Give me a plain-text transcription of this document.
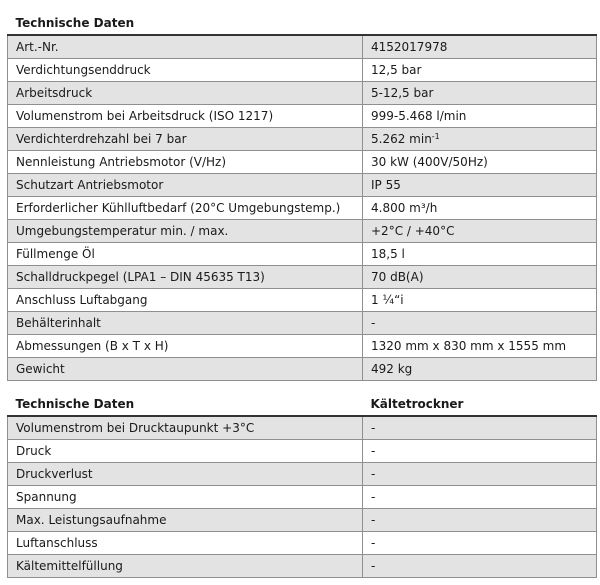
Technische Daten	
Art.-Nr.	4152017978
Verdichtungsenddruck	12,5 bar
Arbeitsdruck	5-12,5 bar
Volumenstrom bei Arbeitsdruck (ISO 1217)	999-5.468 l/min
Verdichterdrehzahl bei 7 bar	5.262 $\min^{-1}$
Nennleistung Antriebsmotor (V/Hz)	30 kW (400V/50Hz)
Schutzart Antriebsmotor	IP 55
Erforderlicher Kühlluftbedarf (20°C Umgebungstemp.)	4.800 m³/h
Umgebungstemperatur min. / max.	+2°C / +40°C
Füllmenge Öl	18,5 l
Schalldruckpegel (LPA1 – DIN 45635 T13)	70 dB(A)
Anschluss Luftabgang	1 ¼“i
Behälterinhalt	-
Abmessungen (B x T x H)	1320 mm x 830 mm x 1555 mm
Gewicht	492 kg
Technische Daten	Kältetrockner
Volumenstrom bei Drucktaupunkt +3°C	-
Druck	-
Druckverlust	-
Spannung	-
Max. Leistungsaufnahme	-
Luftanschluss	-
Kältemittelfüllung	-
